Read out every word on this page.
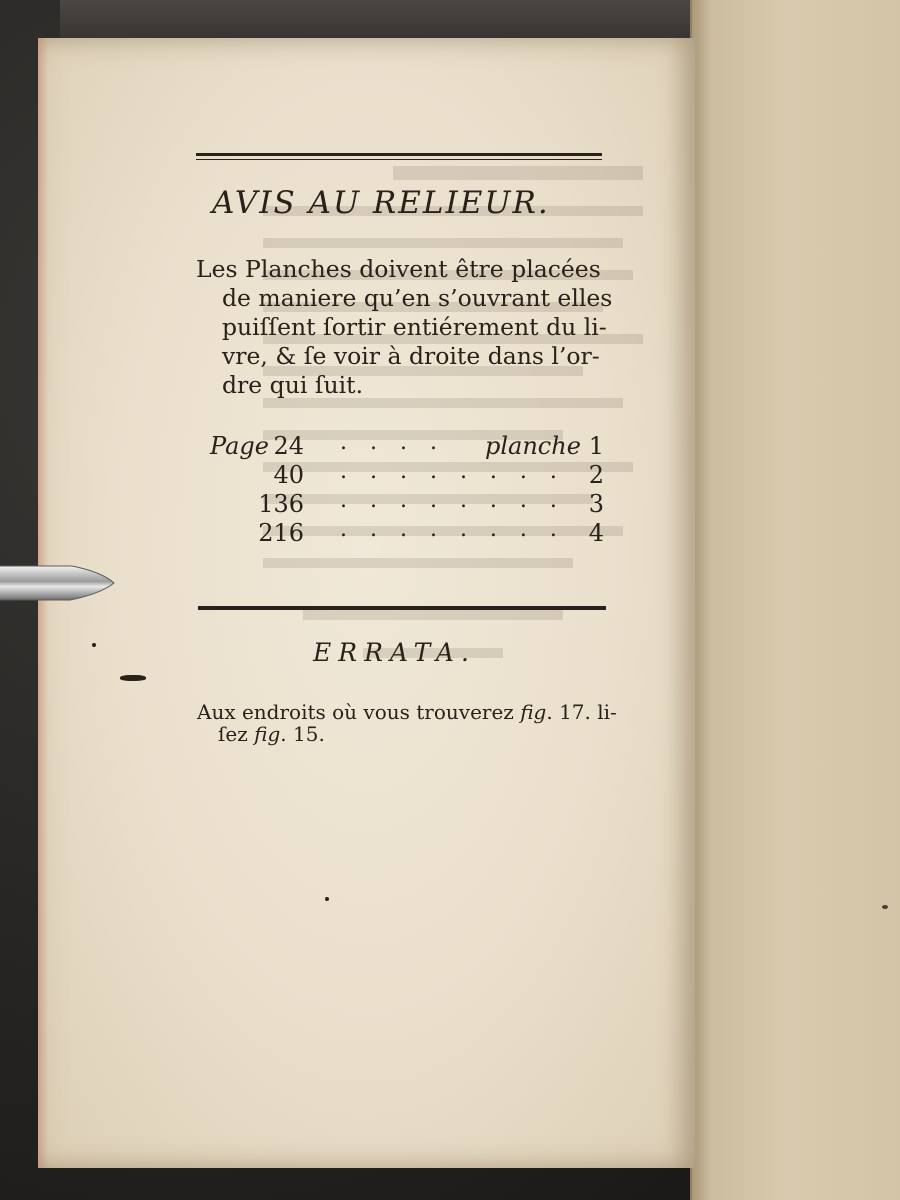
AVIS AU RELIEUR.
Les Planches doivent être placées
de maniere qu’en s’ouvrant elles
puiſſent ſortir entiérement du li-
vre, & ſe voir à droite dans l’or-
dre qui ſuit.
Page 24 . . . . planche 1
40 . . . . . . . . 2
136 . . . . . . . . 3
216 . . . . . . . . 4
ERRATA.
Aux endroits où vous trouverez fig. 17. li-
ſez fig. 15.
